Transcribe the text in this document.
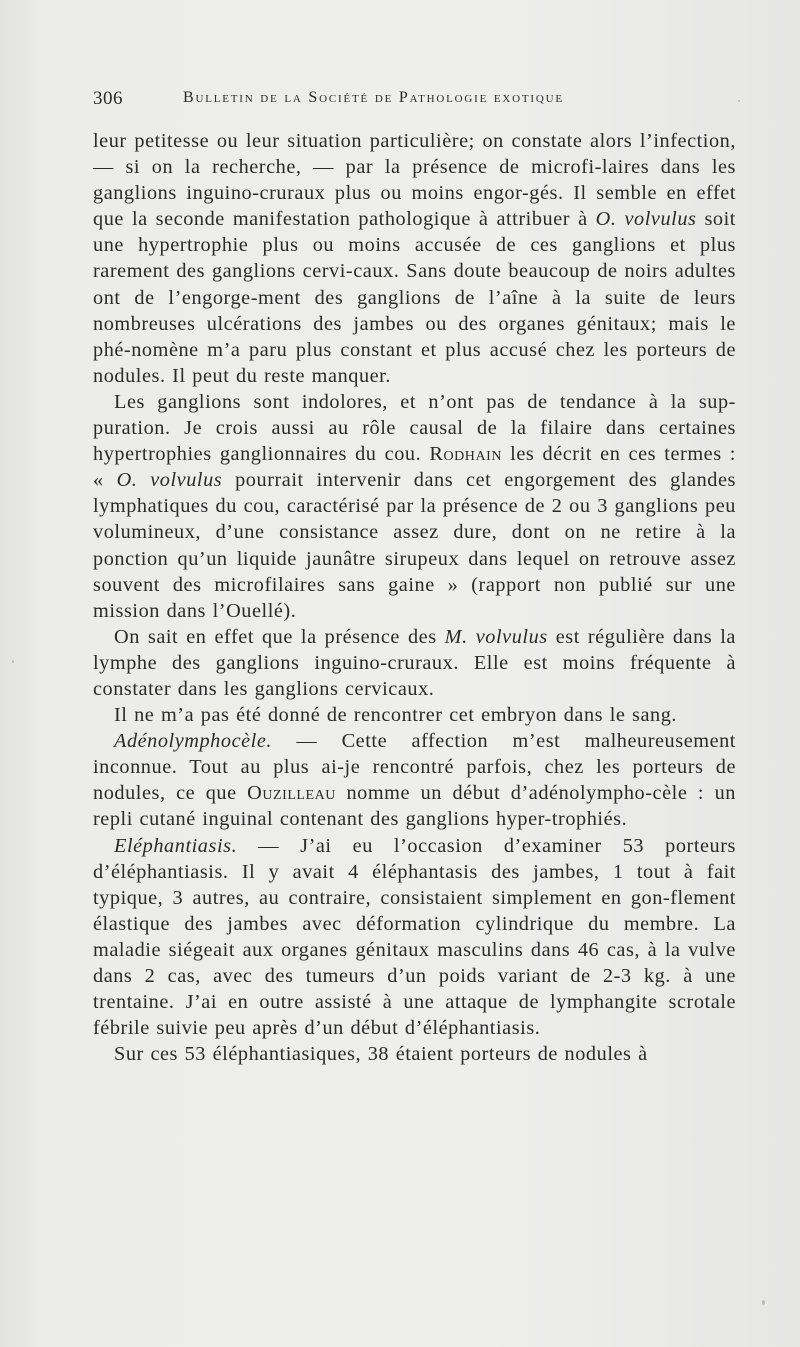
306	Bulletin de la Société de Pathologie exotique

leur petitesse ou leur situation particulière; on constate alors l’infection, — si on la recherche, — par la présence de microfi-laires dans les ganglions inguino-cruraux plus ou moins engor-gés. Il semble en effet que la seconde manifestation pathologique à attribuer à O. volvulus soit une hypertrophie plus ou moins accusée de ces ganglions et plus rarement des ganglions cervi-caux. Sans doute beaucoup de noirs adultes ont de l’engorge-ment des ganglions de l’aîne à la suite de leurs nombreuses ulcérations des jambes ou des organes génitaux; mais le phé-nomène m’a paru plus constant et plus accusé chez les porteurs de nodules. Il peut du reste manquer.

Les ganglions sont indolores, et n’ont pas de tendance à la sup-puration. Je crois aussi au rôle causal de la filaire dans certaines hypertrophies ganglionnaires du cou. Rodhain les décrit en ces termes : « O. volvulus pourrait intervenir dans cet engorgement des glandes lymphatiques du cou, caractérisé par la présence de 2 ou 3 ganglions peu volumineux, d’une consistance assez dure, dont on ne retire à la ponction qu’un liquide jaunâtre sirupeux dans lequel on retrouve assez souvent des microfilaires sans gaine » (rapport non publié sur une mission dans l’Ouellé).

On sait en effet que la présence des M. volvulus est régulière dans la lymphe des ganglions inguino-cruraux. Elle est moins fréquente à constater dans les ganglions cervicaux.

Il ne m’a pas été donné de rencontrer cet embryon dans le sang.

Adénolymphocèle. — Cette affection m’est malheureusement inconnue. Tout au plus ai-je rencontré parfois, chez les porteurs de nodules, ce que Ouzilleau nomme un début d’adénolympho-cèle : un repli cutané inguinal contenant des ganglions hyper-trophiés.

Eléphantiasis. — J’ai eu l’occasion d’examiner 53 porteurs d’éléphantiasis. Il y avait 4 éléphantasis des jambes, 1 tout à fait typique, 3 autres, au contraire, consistaient simplement en gon-flement élastique des jambes avec déformation cylindrique du membre. La maladie siégeait aux organes génitaux masculins dans 46 cas, à la vulve dans 2 cas, avec des tumeurs d’un poids variant de 2-3 kg. à une trentaine. J’ai en outre assisté à une attaque de lymphangite scrotale fébrile suivie peu après d’un début d’éléphantiasis.

Sur ces 53 éléphantiasiques, 38 étaient porteurs de nodules à
